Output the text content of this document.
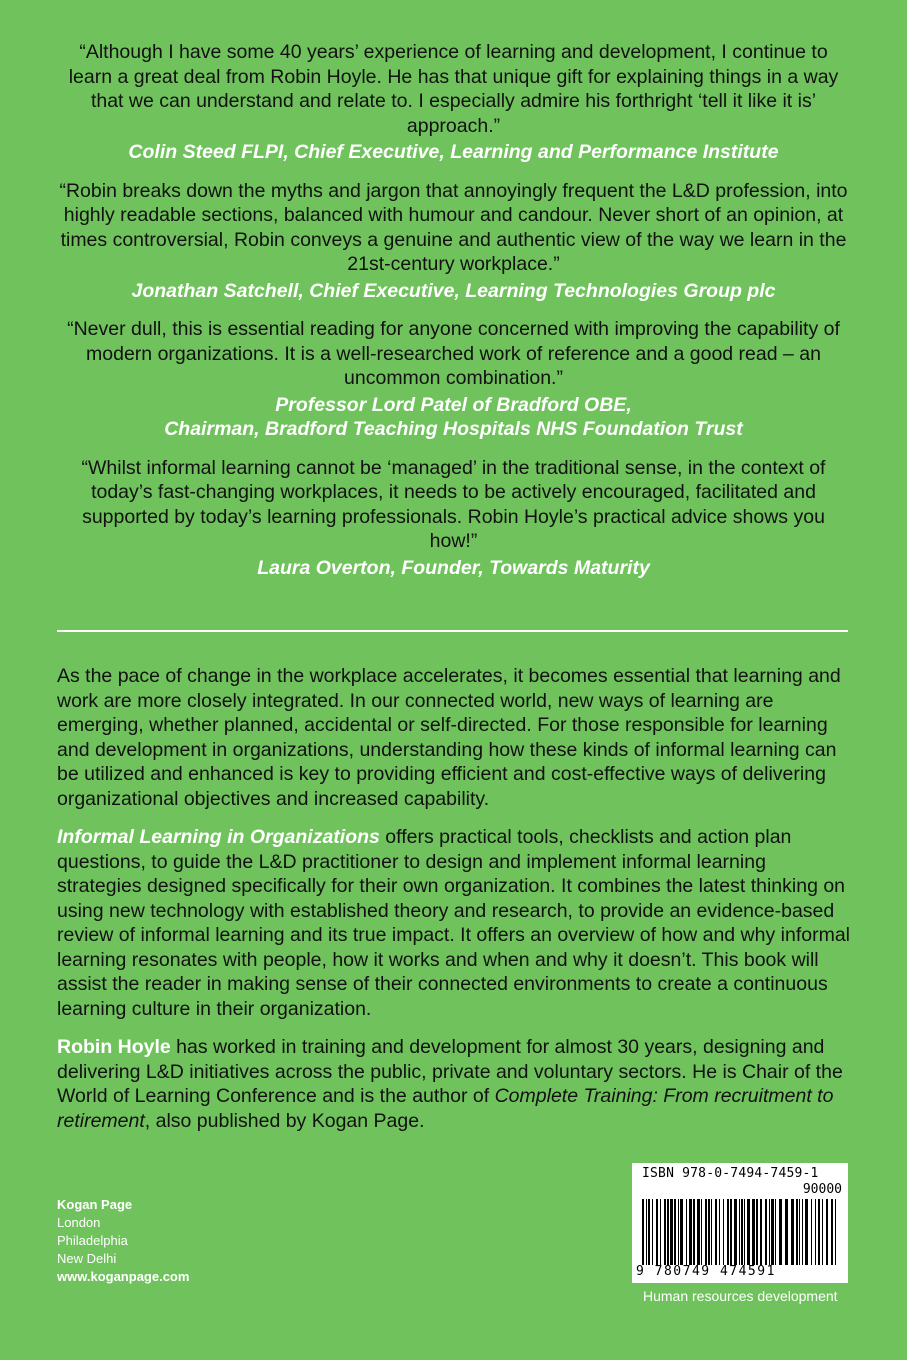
“Although I have some 40 years’ experience of learning and development, I continue to learn a great deal from Robin Hoyle. He has that unique gift for explaining things in a way that we can understand and relate to. I especially admire his forthright ‘tell it like it is’ approach.”

Colin Steed FLPI, Chief Executive, Learning and Performance Institute

“Robin breaks down the myths and jargon that annoyingly frequent the L&D profession, into highly readable sections, balanced with humour and candour. Never short of an opinion, at times controversial, Robin conveys a genuine and authentic view of the way we learn in the 21st-century workplace.”

Jonathan Satchell, Chief Executive, Learning Technologies Group plc

“Never dull, this is essential reading for anyone concerned with improving the capability of modern organizations. It is a well-researched work of reference and a good read – an uncommon combination.”

Professor Lord Patel of Bradford OBE,
Chairman, Bradford Teaching Hospitals NHS Foundation Trust

“Whilst informal learning cannot be ‘managed’ in the traditional sense, in the context of today’s fast-changing workplaces, it needs to be actively encouraged, facilitated and supported by today’s learning professionals. Robin Hoyle’s practical advice shows you how!”

Laura Overton, Founder, Towards Maturity

As the pace of change in the workplace accelerates, it becomes essential that learning and work are more closely integrated. In our connected world, new ways of learning are emerging, whether planned, accidental or self-directed. For those responsible for learning and development in organizations, understanding how these kinds of informal learning can be utilized and enhanced is key to providing efficient and cost-effective ways of delivering organizational objectives and increased capability.

Informal Learning in Organizations offers practical tools, checklists and action plan questions, to guide the L&D practitioner to design and implement informal learning strategies designed specifically for their own organization. It combines the latest thinking on using new technology with established theory and research, to provide an evidence-based review of informal learning and its true impact. It offers an overview of how and why informal learning resonates with people, how it works and when and why it doesn’t. This book will assist the reader in making sense of their connected environments to create a continuous learning culture in their organization.

Robin Hoyle has worked in training and development for almost 30 years, designing and delivering L&D initiatives across the public, private and voluntary sectors. He is Chair of the World of Learning Conference and is the author of Complete Training: From recruitment to retirement, also published by Kogan Page.

Kogan Page
London
Philadelphia
New Delhi
www.koganpage.com
ISBN 978-0-7494-7459-1
90000
9 780749 474591
Human resources development
